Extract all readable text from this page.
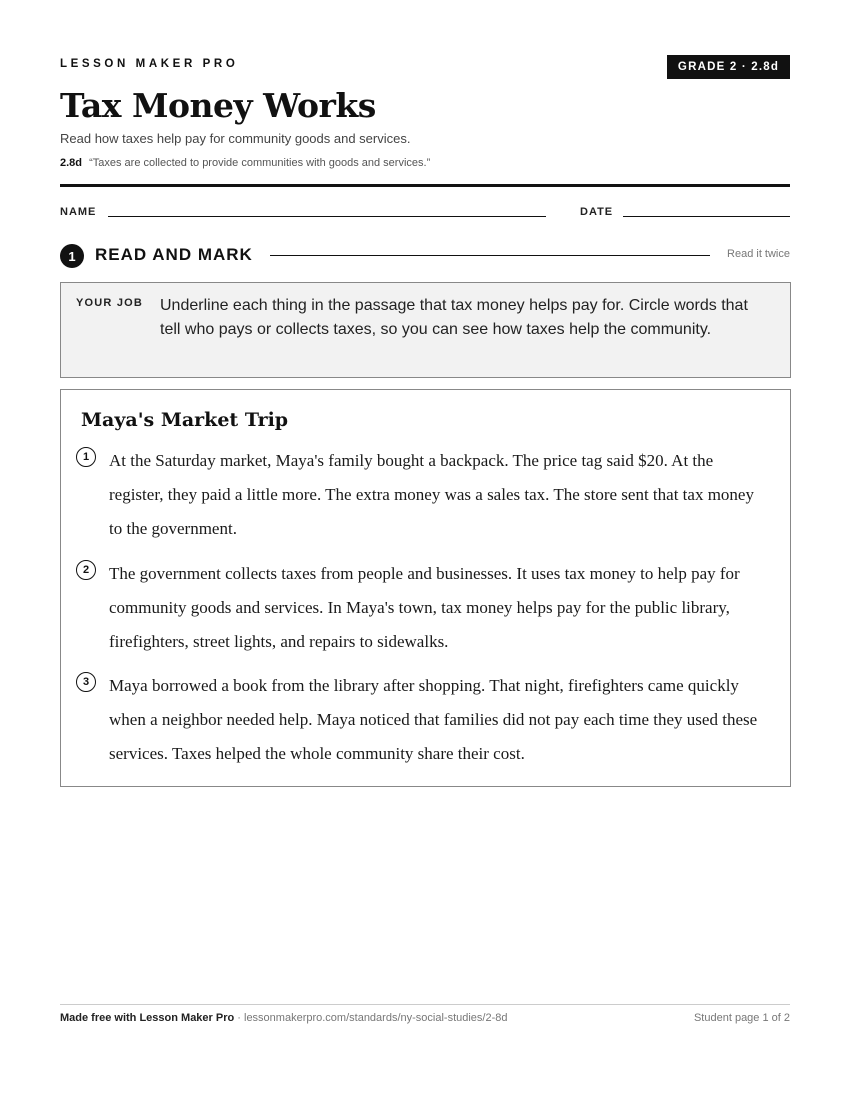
LESSON MAKER PRO	GRADE 2 · 2.8d
Tax Money Works
Read how taxes help pay for community goods and services.
2.8d “Taxes are collected to provide communities with goods and services.”
NAME	DATE
1	READ AND MARK	Read it twice
YOUR JOB Underline each thing in the passage that tax money helps pay for. Circle words that tell who pays or collects taxes, so you can see how taxes help the community.
Maya's Market Trip
1	At the Saturday market, Maya's family bought a backpack. The price tag said $20. At the register, they paid a little more. The extra money was a sales tax. The store sent that tax money to the government.
2	The government collects taxes from people and businesses. It uses tax money to help pay for community goods and services. In Maya's town, tax money helps pay for the public library, firefighters, street lights, and repairs to sidewalks.
3	Maya borrowed a book from the library after shopping. That night, firefighters came quickly when a neighbor needed help. Maya noticed that families did not pay each time they used these services. Taxes helped the whole community share their cost.
Made free with Lesson Maker Pro · lessonmakerpro.com/standards/ny-social-studies/2-8d	Student page 1 of 2
